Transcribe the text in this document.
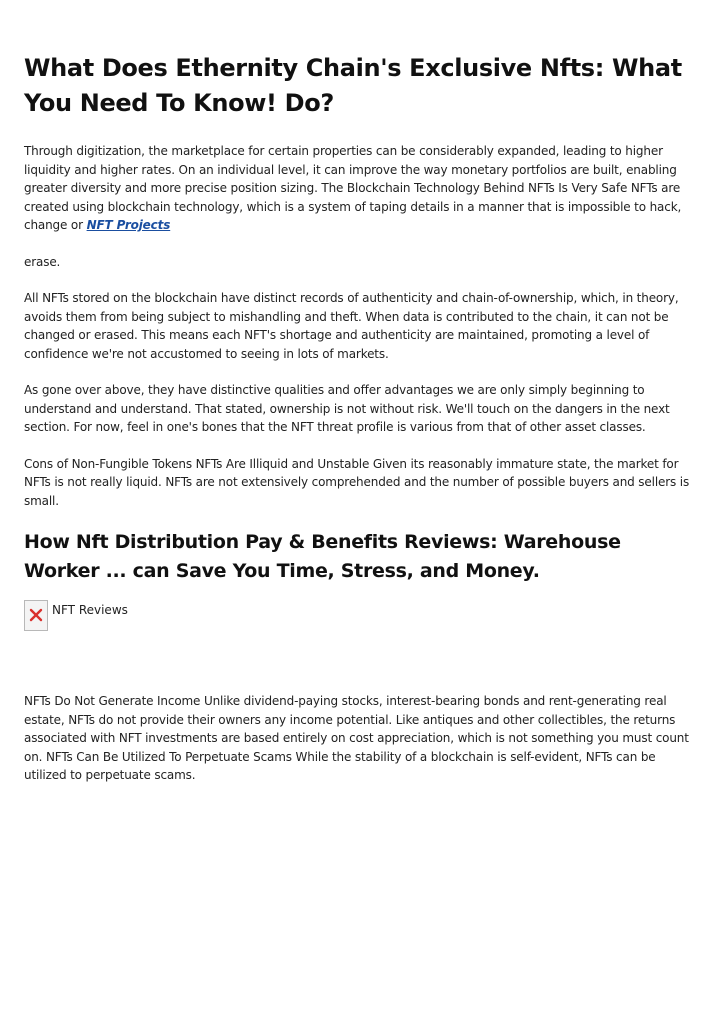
What Does Ethernity Chain's Exclusive Nfts: What You Need To Know! Do?

Through digitization, the marketplace for certain properties can be considerably expanded, leading to higher liquidity and higher rates. On an individual level, it can improve the way monetary portfolios are built, enabling greater diversity and more precise position sizing. The Blockchain Technology Behind NFTs Is Very Safe NFTs are created using blockchain technology, which is a system of taping details in a manner that is impossible to hack, change or NFT Projects

erase.

All NFTs stored on the blockchain have distinct records of authenticity and chain-of-ownership, which, in theory, avoids them from being subject to mishandling and theft. When data is contributed to the chain, it can not be changed or erased. This means each NFT's shortage and authenticity are maintained, promoting a level of confidence we're not accustomed to seeing in lots of markets.

As gone over above, they have distinctive qualities and offer advantages we are only simply beginning to understand and understand. That stated, ownership is not without risk. We'll touch on the dangers in the next section. For now, feel in one's bones that the NFT threat profile is various from that of other asset classes.

Cons of Non-Fungible Tokens NFTs Are Illiquid and Unstable Given its reasonably immature state, the market for NFTs is not really liquid. NFTs are not extensively comprehended and the number of possible buyers and sellers is small.

How Nft Distribution Pay & Benefits Reviews: Warehouse Worker ... can Save You Time, Stress, and Money.
NFT Reviews

NFTs Do Not Generate Income Unlike dividend-paying stocks, interest-bearing bonds and rent-generating real estate, NFTs do not provide their owners any income potential. Like antiques and other collectibles, the returns associated with NFT investments are based entirely on cost appreciation, which is not something you must count on. NFTs Can Be Utilized To Perpetuate Scams While the stability of a blockchain is self-evident, NFTs can be utilized to perpetuate scams.
